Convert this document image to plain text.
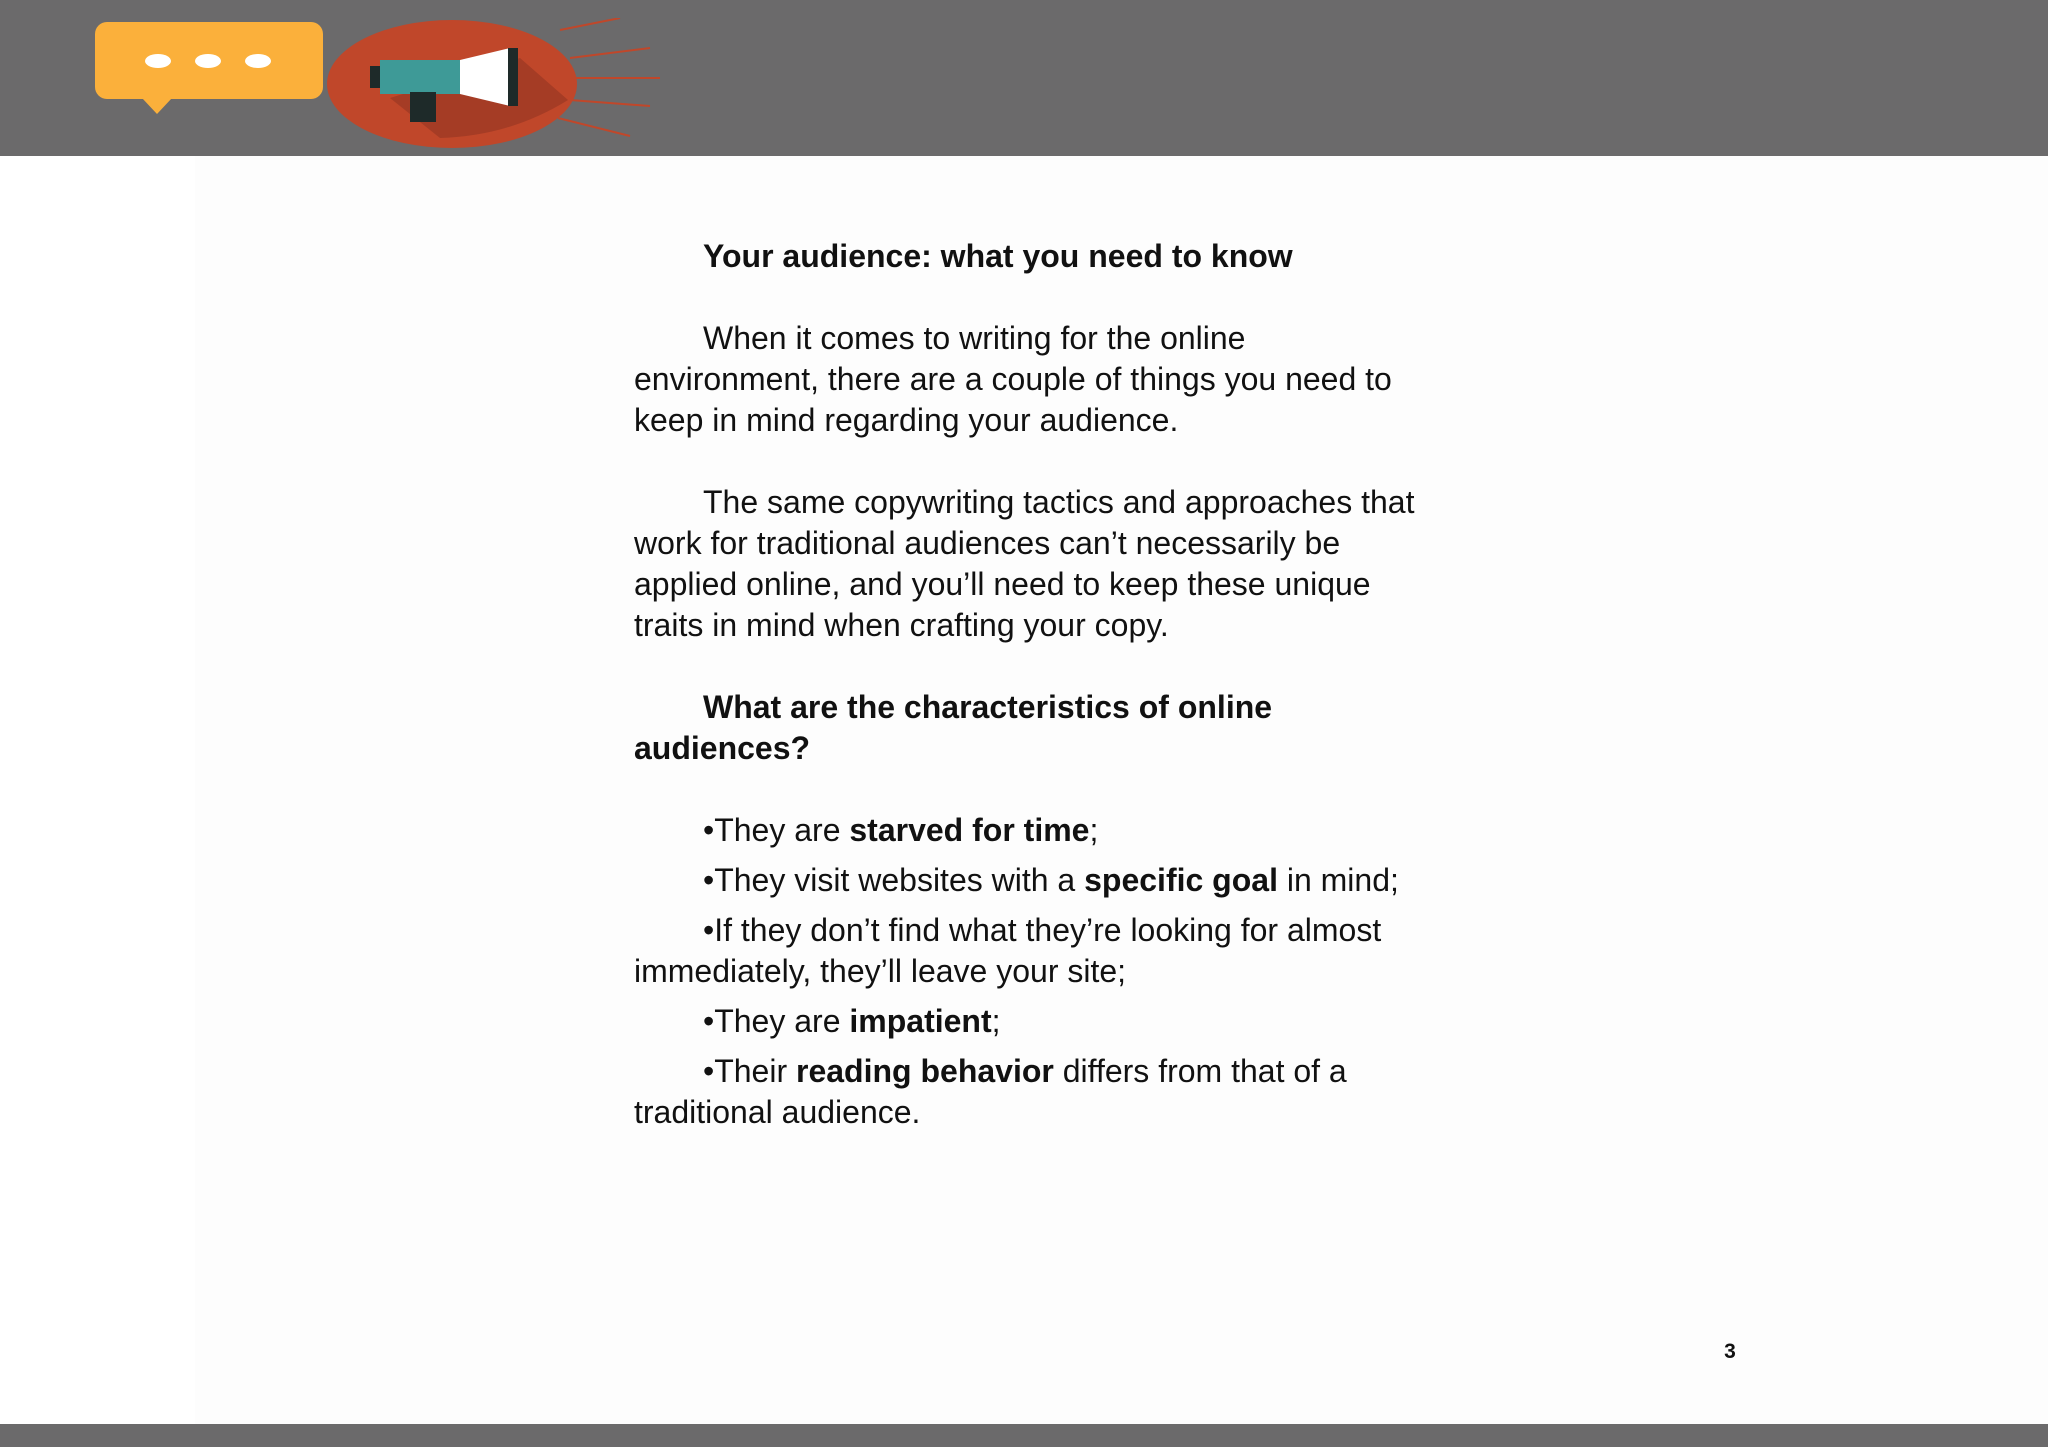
Your audience: what you need to know

When it comes to writing for the online environment, there are a couple of things you need to keep in mind regarding your audience.

The same copywriting tactics and approaches that work for traditional audiences can’t necessarily be applied online, and you’ll need to keep these unique traits in mind when crafting your copy.

What are the characteristics of online audiences?
•They are starved for time;
•They visit websites with a specific goal in mind;
•If they don’t find what they’re looking for almost immediately, they’ll leave your site;
•They are impatient;
•Their reading behavior differs from that of a traditional audience.
3
